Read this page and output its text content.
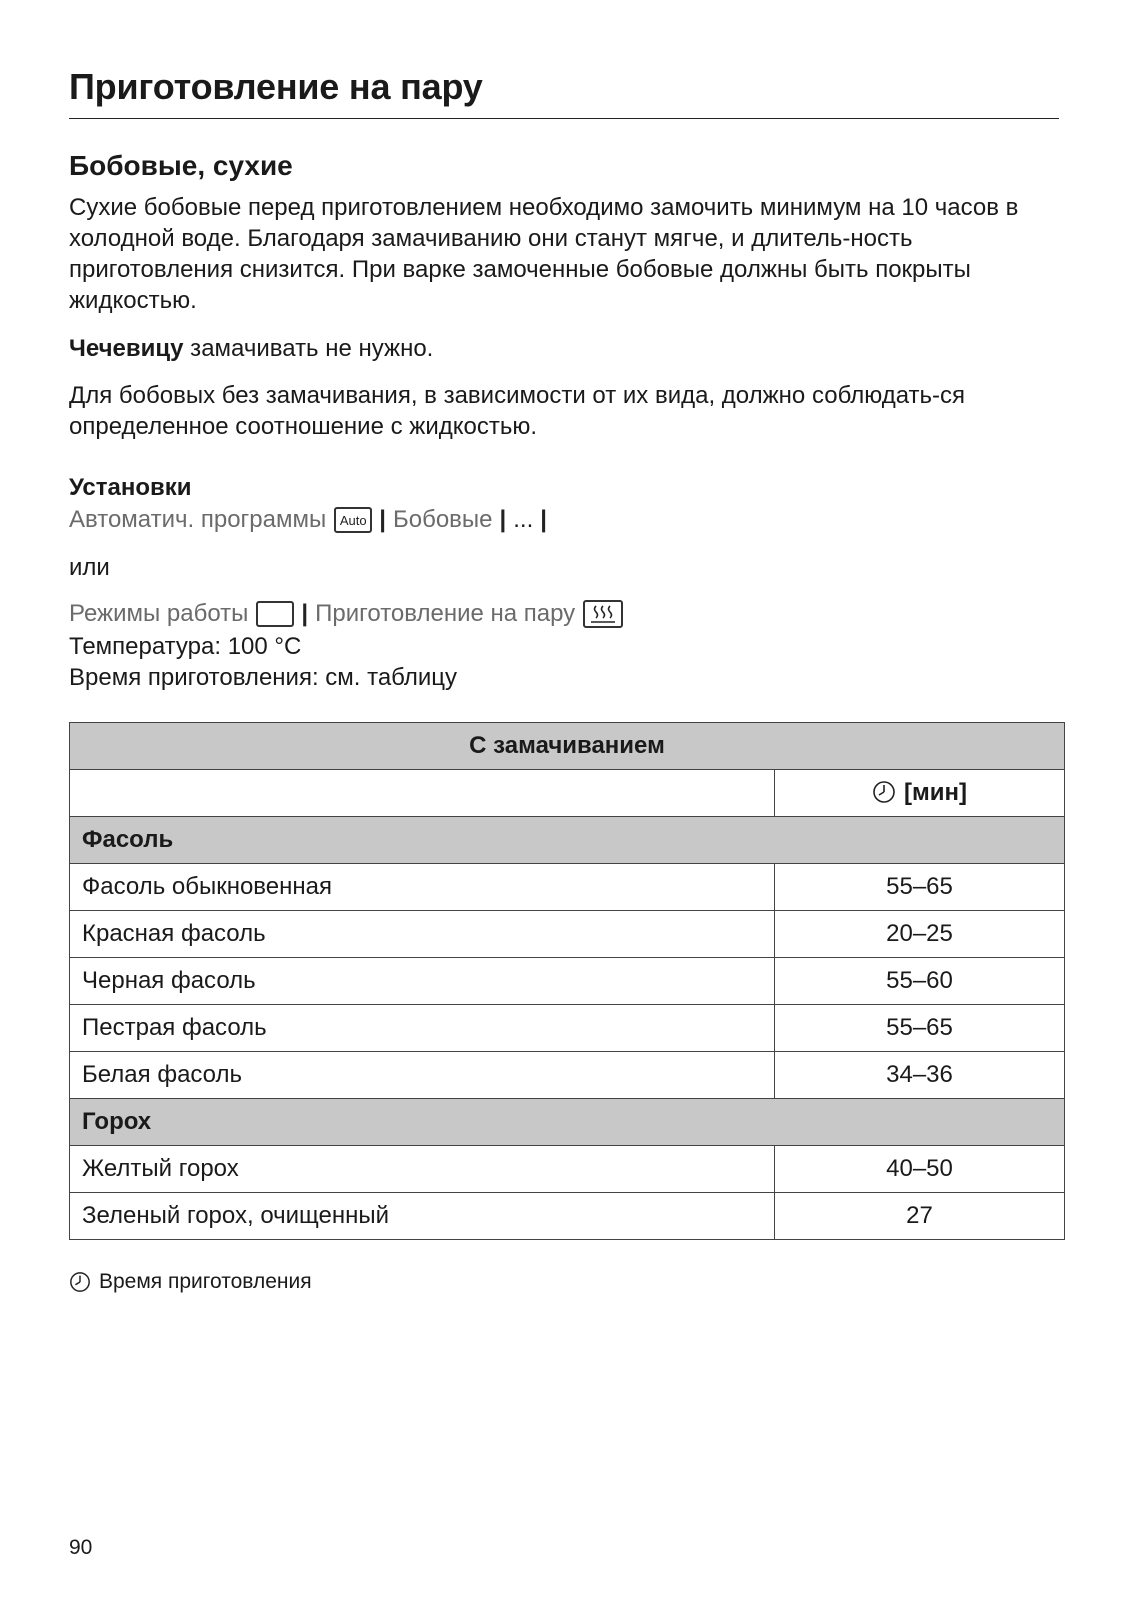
Приготовление на пару
Бобовые, сухие
Сухие бобовые перед приготовлением необходимо замочить минимум на 10 часов в холодной воде. Благодаря замачиванию они станут мягче, и длитель-ность приготовления снизится. При варке замоченные бобовые должны быть покрыты жидкостью.
Чечевицу замачивать не нужно.
Для бобовых без замачивания, в зависимости от их вида, должно соблюдать-ся определенное соотношение с жидкостью.
Установки
Автоматич. программы	Auto | Бобовые | ... |
или
Режимы работы | Приготовление на пару
Температура: 100 °C
Время приготовления: см. таблицу
С замачиванием	
	[мин]
Фасоль	
Фасоль обыкновенная	55–65
Красная фасоль	20–25
Черная фасоль	55–60
Пестрая фасоль	55–65
Белая фасоль	34–36
Горох	
Желтый горох	40–50
Зеленый горох, очищенный	27
Время приготовления
90
